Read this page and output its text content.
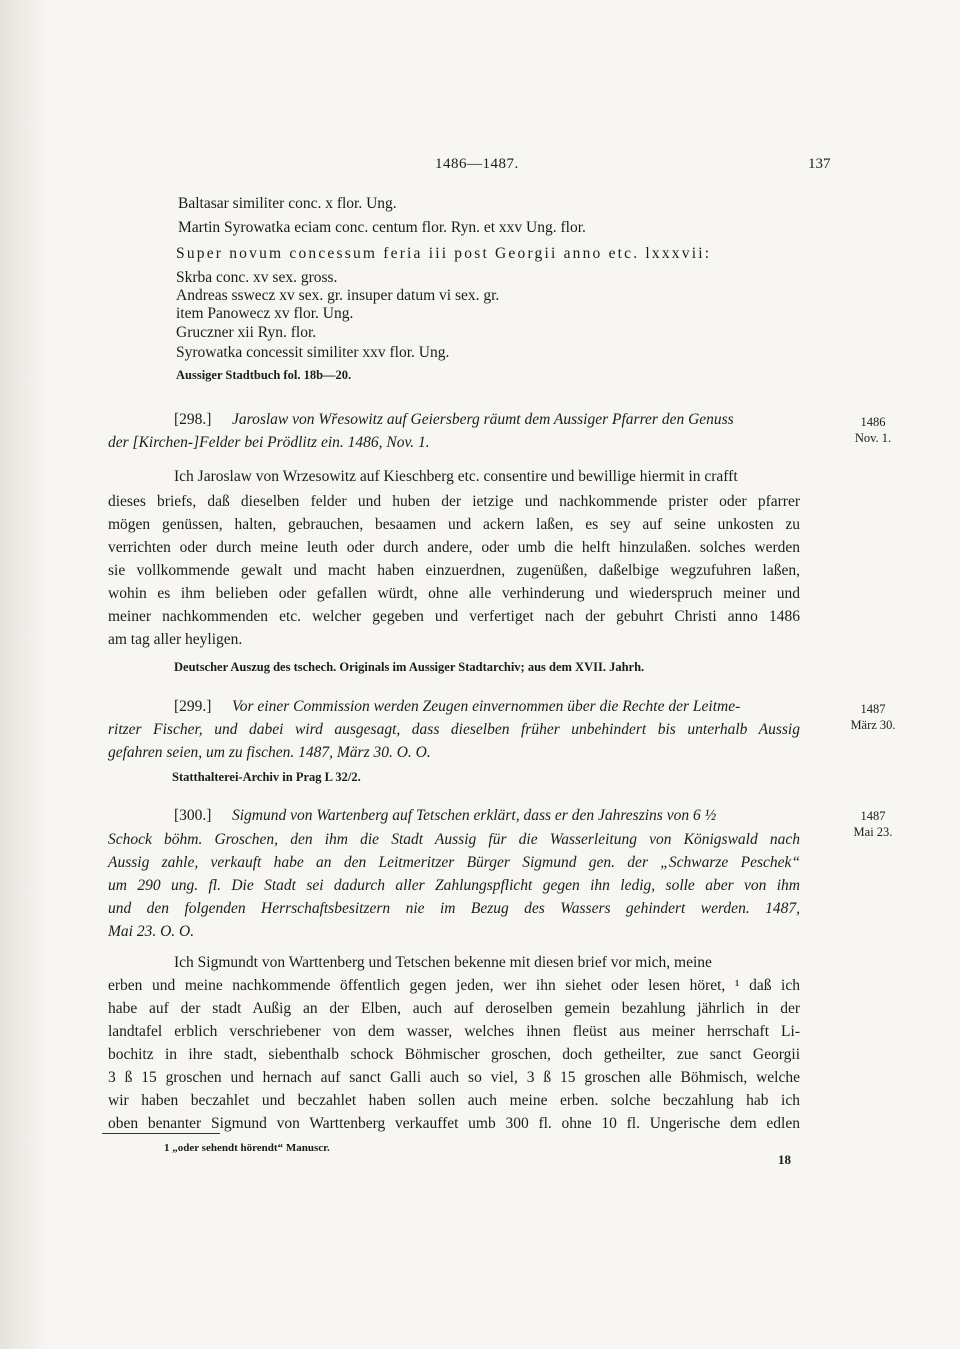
1486—1487.	137
Baltasar similiter conc. x flor. Ung.
Martin Syrowatka eciam conc. centum flor. Ryn. et xxv Ung. flor.
Super novum concessum feria iii post Georgii anno etc. lxxxvii:
Skrba conc. xv sex. gross.
Andreas sswecz xv sex. gr. insuper datum vi sex. gr.
item Panowecz xv flor. Ung.
Gruczner xii Ryn. flor.
Syrowatka concessit similiter xxv flor. Ung.
Aussiger Stadtbuch fol. 18b—20.
1486
Nov. 1.
[298.] Jaroslaw von Wřesowitz auf Geiersberg räumt dem Aussiger Pfarrer den Genuss
der [Kirchen-]Felder bei Prödlitz ein. 1486, Nov. 1.
Ich Jaroslaw von Wrzesowitz auf Kieschberg etc. consentire und bewillige hiermit in crafft
dieses briefs, daß dieselben felder und huben der ietzige und nachkommende prister oder pfarrer
mögen genüssen, halten, gebrauchen, besaamen und ackern laßen, es sey auf seine unkosten zu
verrichten oder durch meine leuth oder durch andere, oder umb die helft hinzulaßen. solches werden
sie vollkommende gewalt und macht haben einzuerdnen, zugenüßen, daßelbige wegzufuhren laßen,
wohin es ihm belieben oder gefallen würdt, ohne alle verhinderung und wiederspruch meiner und
meiner nachkommenden etc. welcher gegeben und verfertiget nach der gebuhrt Christi anno 1486
am tag aller heyligen.
Deutscher Auszug des tschech. Originals im Aussiger Stadtarchiv; aus dem XVII. Jahrh.
1487
März 30.
[299.] Vor einer Commission werden Zeugen einvernommen über die Rechte der Leitme-
ritzer Fischer, und dabei wird ausgesagt, dass dieselben früher unbehindert bis unterhalb Aussig
gefahren seien, um zu fischen. 1487, März 30. O. O.
Statthalterei-Archiv in Prag L 32/2.
1487
Mai 23.
[300.] Sigmund von Wartenberg auf Tetschen erklärt, dass er den Jahreszins von 6 ½
Schock böhm. Groschen, den ihm die Stadt Aussig für die Wasserleitung von Königswald nach
Aussig zahle, verkauft habe an den Leitmeritzer Bürger Sigmund gen. der „Schwarze Peschek“
um 290 ung. fl. Die Stadt sei dadurch aller Zahlungspflicht gegen ihn ledig, solle aber von ihm
und den folgenden Herrschaftsbesitzern nie im Bezug des Wassers gehindert werden. 1487,
Mai 23. O. O.
Ich Sigmundt von Warttenberg und Tetschen bekenne mit diesen brief vor mich, meine
erben und meine nachkommende öffentlich gegen jeden, wer ihn siehet oder lesen höret, ¹ daß ich
habe auf der stadt Außig an der Elben, auch auf deroselben gemein bezahlung jährlich in der
landtafel erblich verschriebener von dem wasser, welches ihnen fleüst aus meiner herrschaft Li-
bochitz in ihre stadt, siebenthalb schock Böhmischer groschen, doch getheilter, zue sanct Georgii
3 ß 15 groschen und hernach auf sanct Galli auch so viel, 3 ß 15 groschen alle Böhmisch, welche
wir haben beczahlet und beczahlet haben sollen auch meine erben. solche beczahlung hab ich
oben benanter Sigmund von Warttenberg verkauffet umb 300 fl. ohne 10 fl. Ungerische dem edlen
1 „oder sehendt hörendt“ Manuscr.
18
